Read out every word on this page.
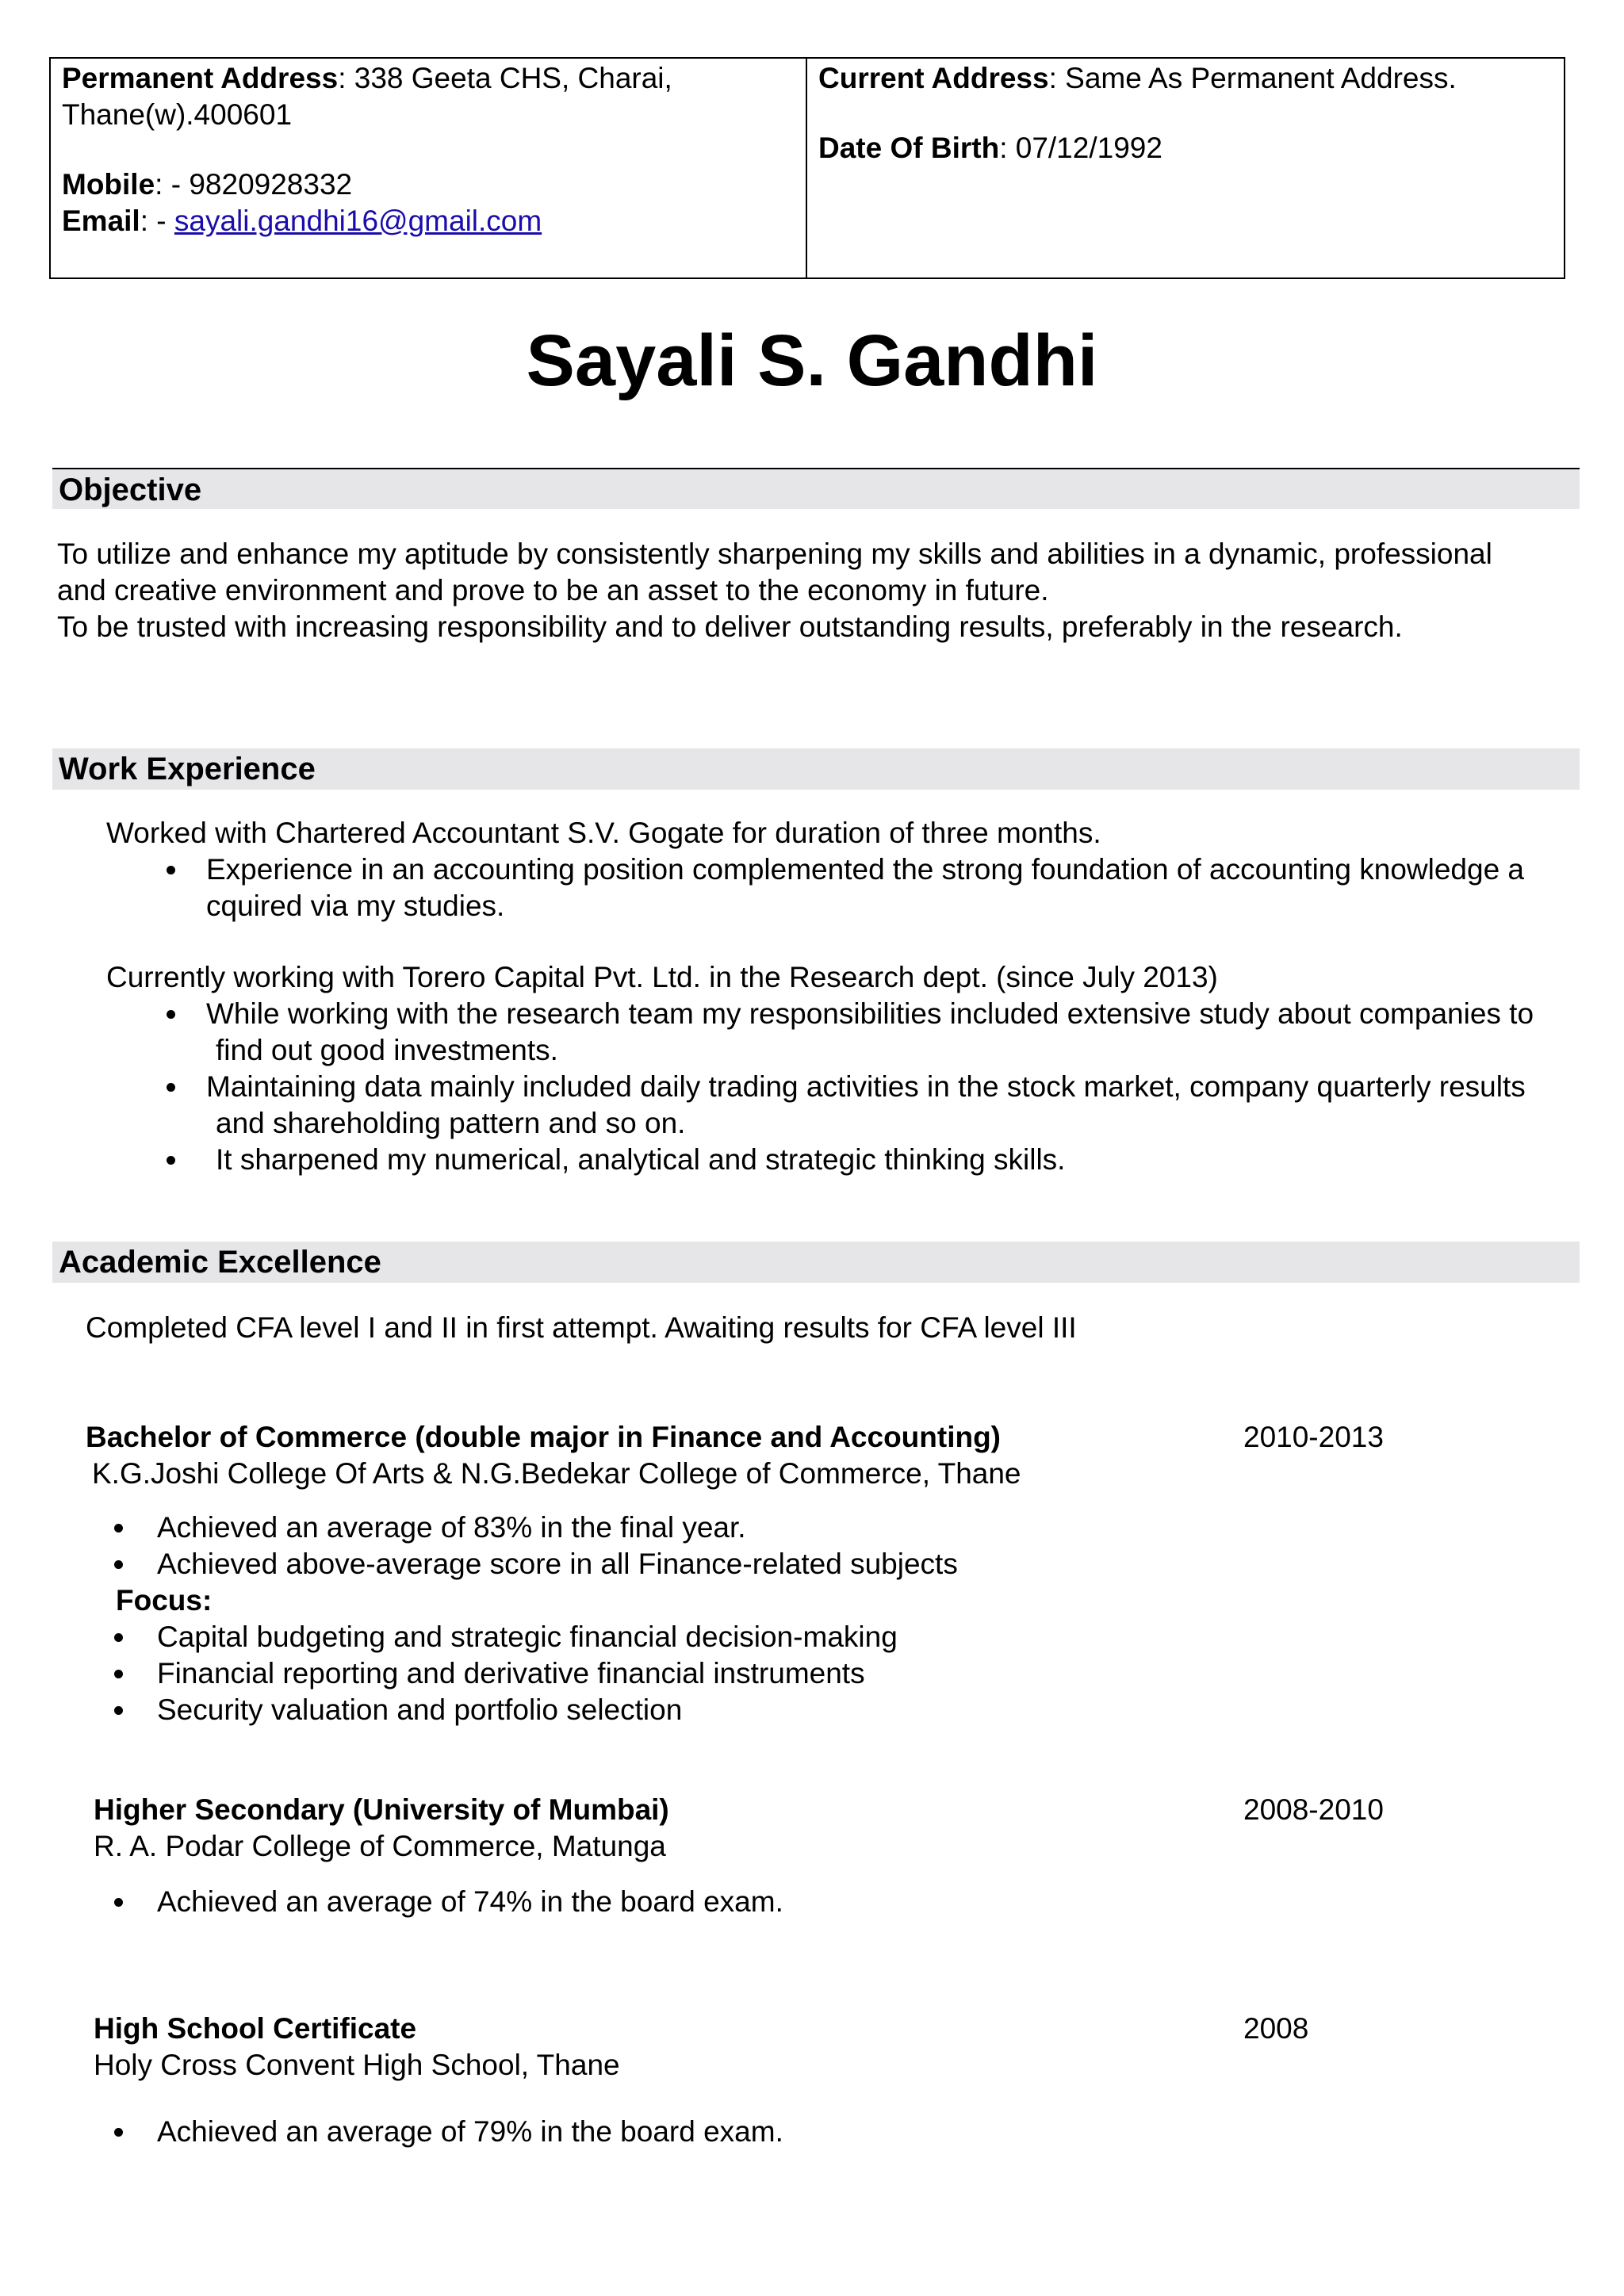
Permanent Address: 338 Geeta CHS, Charai,
Thane(w).400601
Mobile: - 9820928332
Email: - sayali.gandhi16@gmail.com
Current Address: Same As Permanent Address.
Date Of Birth: 07/12/1992
Sayali S. Gandhi
Objective
To utilize and enhance my aptitude by consistently sharpening my skills and abilities in a dynamic, professional
and creative environment and prove to be an asset to the economy in future.
To be trusted with increasing responsibility and to deliver outstanding results, preferably in the research.
Work Experience
Worked with Chartered Accountant S.V. Gogate for duration of three months.
Experience in an accounting position complemented the strong foundation of accounting knowledge a
cquired via my studies.
Currently working with Torero Capital Pvt. Ltd. in the Research dept. (since July 2013)
While working with the research team my responsibilities included extensive study about companies to
find out good investments.
Maintaining data mainly included daily trading activities in the stock market, company quarterly results
and shareholding pattern and so on.
It sharpened my numerical, analytical and strategic thinking skills.
Academic Excellence
Completed CFA level I and II in first attempt. Awaiting results for CFA level III
Bachelor of Commerce (double major in Finance and Accounting)	2010-2013
K.G.Joshi College Of Arts & N.G.Bedekar College of Commerce, Thane
Achieved an average of 83% in the final year.
Achieved above-average score in all Finance-related subjects
Focus:
Capital budgeting and strategic financial decision-making
Financial reporting and derivative financial instruments
Security valuation and portfolio selection
Higher Secondary (University of Mumbai)	2008-2010
R. A. Podar College of Commerce, Matunga
Achieved an average of 74% in the board exam.
High School Certificate	2008
Holy Cross Convent High School, Thane
Achieved an average of 79% in the board exam.
